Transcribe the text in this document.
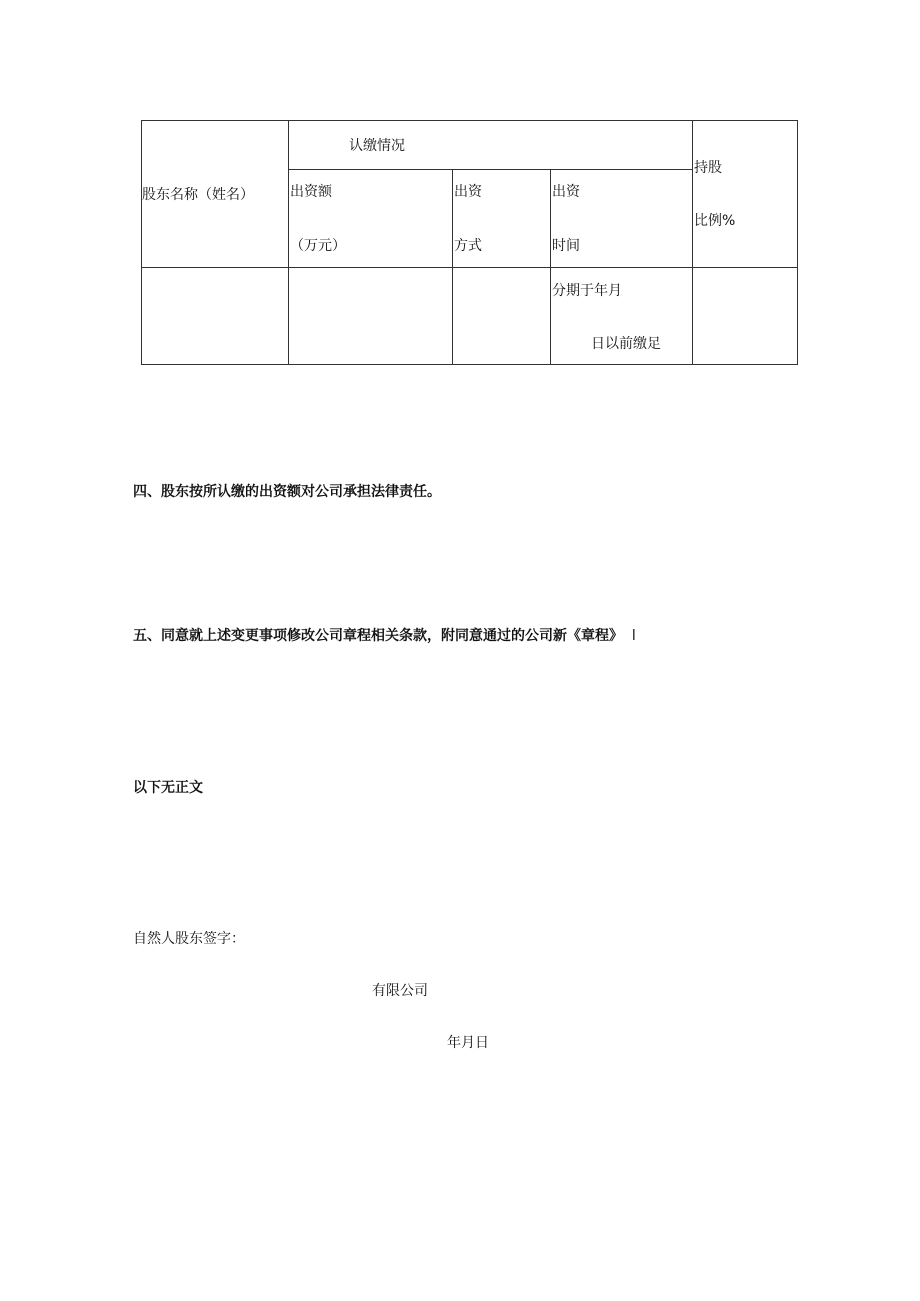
股东名称（姓名）
认缴情况
出资额
（万元）
出资
方式
出资
时间
持股
比例%
分期于年月
日以前缴足
四、股东按所认缴的出资额对公司承担法律责任。
五、同意就上述变更事项修改公司章程相关条款，附同意通过的公司新《章程》 l
以下无正文
自然人股东签字：
有限公司
年月日
